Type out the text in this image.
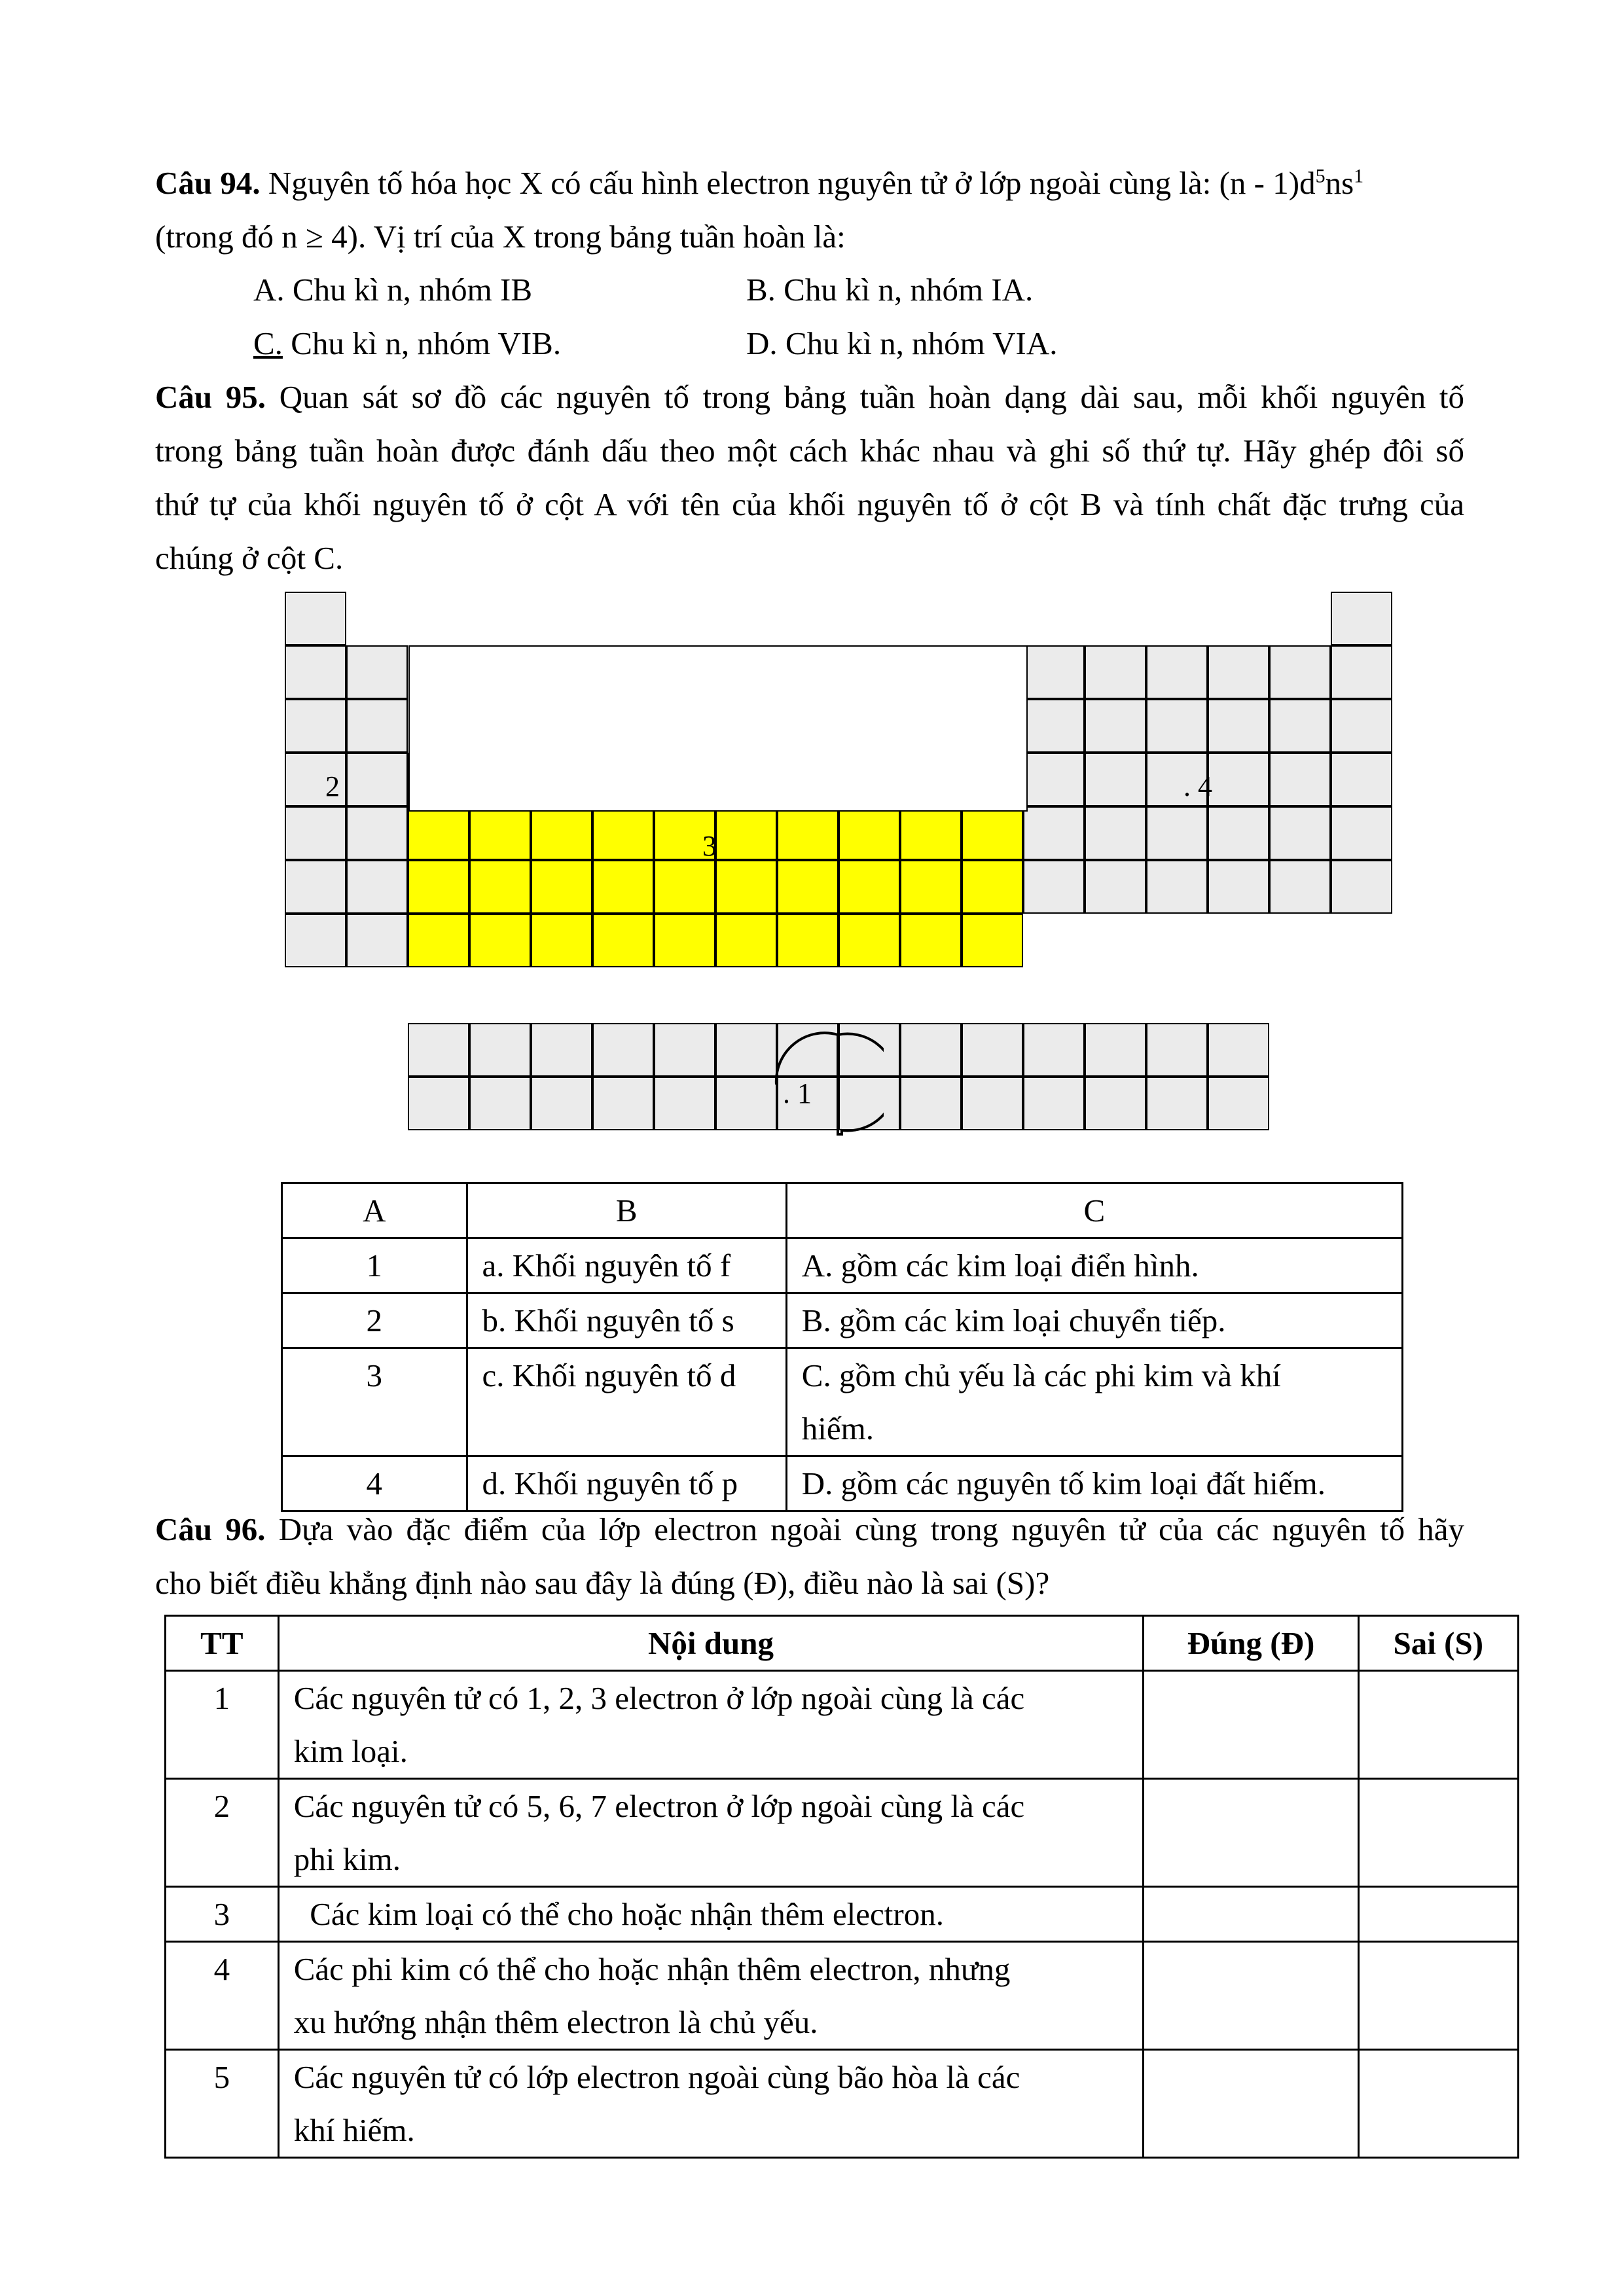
Câu 94. Nguyên tố hóa học X có cấu hình electron nguyên tử ở lớp ngoài cùng là: $(n - 1)d^5ns^1$
(trong đó n ≥ 4). Vị trí của X trong bảng tuần hoàn là:
A. Chu kì n, nhóm IB	B. Chu kì n, nhóm IA.
C. Chu kì n, nhóm VIB.	D. Chu kì n, nhóm VIA.
Câu 95. Quan sát sơ đồ các nguyên tố trong bảng tuần hoàn dạng dài sau, mỗi khối nguyên tố
trong bảng tuần hoàn được đánh dấu theo một cách khác nhau và ghi số thứ tự. Hãy ghép đôi số
thứ tự của khối nguyên tố ở cột A với tên của khối nguyên tố ở cột B và tính chất đặc trưng của
chúng ở cột C.
2	. 4
3
. 1
A	B	C
1	a. Khối nguyên tố f	A. gồm các kim loại điển hình.
2	b. Khối nguyên tố s	B. gồm các kim loại chuyển tiếp.
3	c. Khối nguyên tố d	C. gồm chủ yếu là các phi kim và khí
hiếm.

4	d. Khối nguyên tố p	D. gồm các nguyên tố kim loại đất hiếm.
Câu 96. Dựa vào đặc điểm của lớp electron ngoài cùng trong nguyên tử của các nguyên tố hãy
cho biết điều khẳng định nào sau đây là đúng (Đ), điều nào là sai (S)?
TT	Nội dung	Đúng (Đ)	Sai (S)
1	Các nguyên tử có 1, 2, 3 electron ở lớp ngoài cùng là các
kim loại.		

2	Các nguyên tử có 5, 6, 7 electron ở lớp ngoài cùng là các
phi kim.		

3	Các kim loại có thể cho hoặc nhận thêm electron.		
4	Các phi kim có thể cho hoặc nhận thêm electron, nhưng
xu hướng nhận thêm electron là chủ yếu.		

5	Các nguyên tử có lớp electron ngoài cùng bão hòa là các
khí hiếm.		
